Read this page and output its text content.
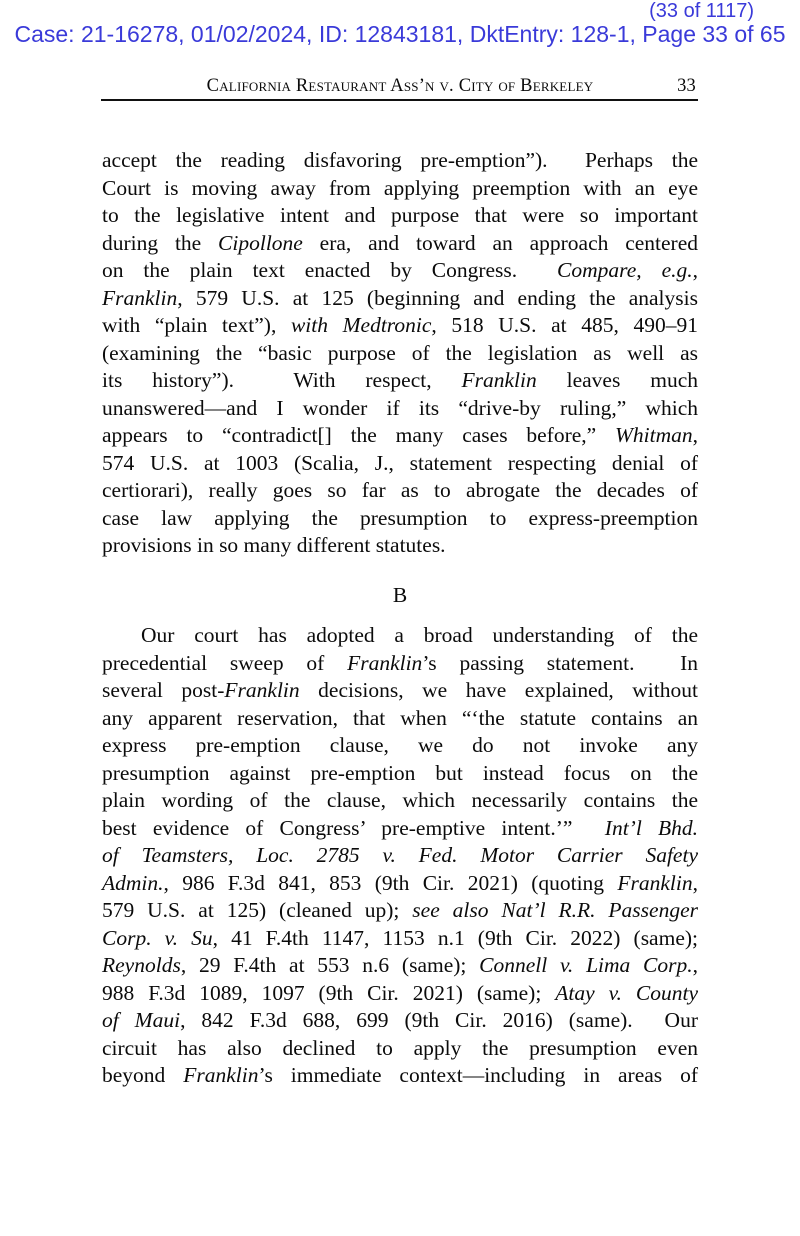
(33 of 1117)
Case: 21-16278, 01/02/2024, ID: 12843181, DktEntry: 128-1, Page 33 of 65
California Restaurant Ass’n v. City of Berkeley	33
accept the reading disfavoring pre-emption”).  Perhaps the
Court is moving away from applying preemption with an eye
to the legislative intent and purpose that were so important
during the Cipollone era, and toward an approach centered
on the plain text enacted by Congress.  Compare, e.g.,
Franklin, 579 U.S. at 125 (beginning and ending the analysis
with “plain text”), with Medtronic, 518 U.S. at 485, 490–91
(examining the “basic purpose of the legislation as well as
its history”).  With respect, Franklin leaves much
unanswered—and I wonder if its “drive-by ruling,” which
appears to “contradict[] the many cases before,” Whitman,
574 U.S. at 1003 (Scalia, J., statement respecting denial of
certiorari), really goes so far as to abrogate the decades of
case law applying the presumption to express-preemption
provisions in so many different statutes.
B
Our court has adopted a broad understanding of the
precedential sweep of Franklin’s passing statement.  In
several post-Franklin decisions, we have explained, without
any apparent reservation, that when “‘the statute contains an
express pre-emption clause, we do not invoke any
presumption against pre-emption but instead focus on the
plain wording of the clause, which necessarily contains the
best evidence of Congress’ pre-emptive intent.’”  Int’l Bhd.
of Teamsters, Loc. 2785 v. Fed. Motor Carrier Safety
Admin., 986 F.3d 841, 853 (9th Cir. 2021) (quoting Franklin,
579 U.S. at 125) (cleaned up); see also Nat’l R.R. Passenger
Corp. v. Su, 41 F.4th 1147, 1153 n.1 (9th Cir. 2022) (same);
Reynolds, 29 F.4th at 553 n.6 (same); Connell v. Lima Corp.,
988 F.3d 1089, 1097 (9th Cir. 2021) (same); Atay v. County
of Maui, 842 F.3d 688, 699 (9th Cir. 2016) (same).  Our
circuit has also declined to apply the presumption even
beyond Franklin’s immediate context—including in areas of
